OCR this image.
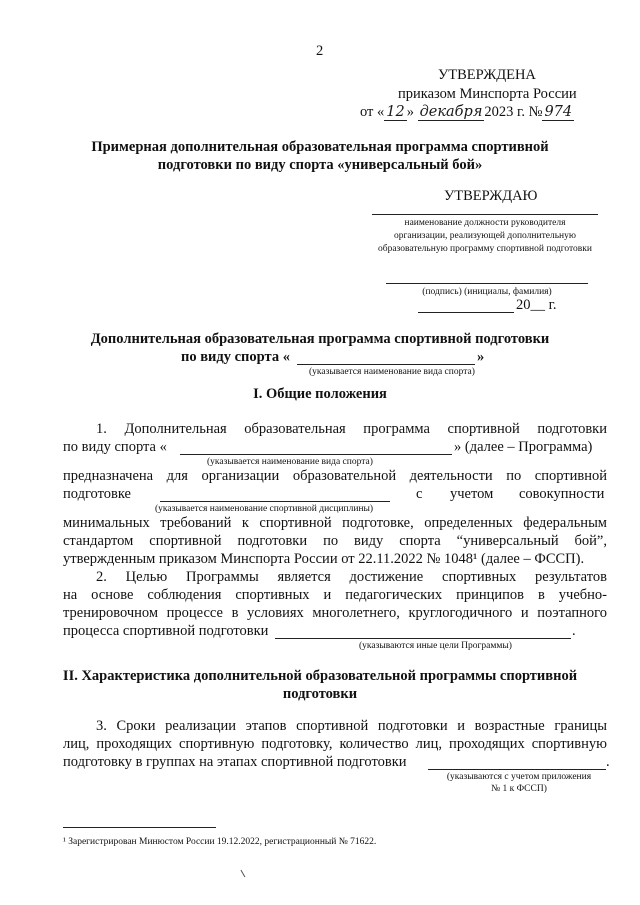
2
УТВЕРЖДЕНА
приказом Минспорта России
от « 12 » декабря 2023 г. № 974
Примерная дополнительная образовательная программа спортивной
подготовки по виду спорта «универсальный бой»
УТВЕРЖДАЮ
наименование должности руководителя
организации, реализующей дополнительную
образовательную программу спортивной подготовки
(подпись) (инициалы, фамилия)
20__ г.
Дополнительная образовательная программа спортивной подготовки
по виду спорта «	»
(указывается наименование вида спорта)
I. Общие положения
1. Дополнительная образовательная программа спортивной подготовки
по виду спорта «	» (далее – Программа)
(указывается наименование вида спорта)
предназначена для организации образовательной деятельности по спортивной
подготовке	с учетом совокупности
(указывается наименование спортивной дисциплины)
минимальных требований к спортивной подготовке, определенных федеральным
стандартом спортивной подготовки по виду спорта “универсальный бой”,
утвержденным приказом Минспорта России от 22.11.2022 № 1048¹ (далее – ФССП).
2. Целью Программы является достижение спортивных результатов
на основе соблюдения спортивных и педагогических принципов в учебно-
тренировочном процессе в условиях многолетнего, круглогодичного и поэтапного
процесса спортивной подготовки	.
(указываются иные цели Программы)
II. Характеристика дополнительной образовательной программы спортивной
подготовки
3. Сроки реализации этапов спортивной подготовки и возрастные границы
лиц, проходящих спортивную подготовку, количество лиц, проходящих спортивную
подготовку в группах на этапах спортивной подготовки	.
(указываются с учетом приложения
№ 1 к ФССП)
¹ Зарегистрирован Минюстом России 19.12.2022, регистрационный № 71622.
